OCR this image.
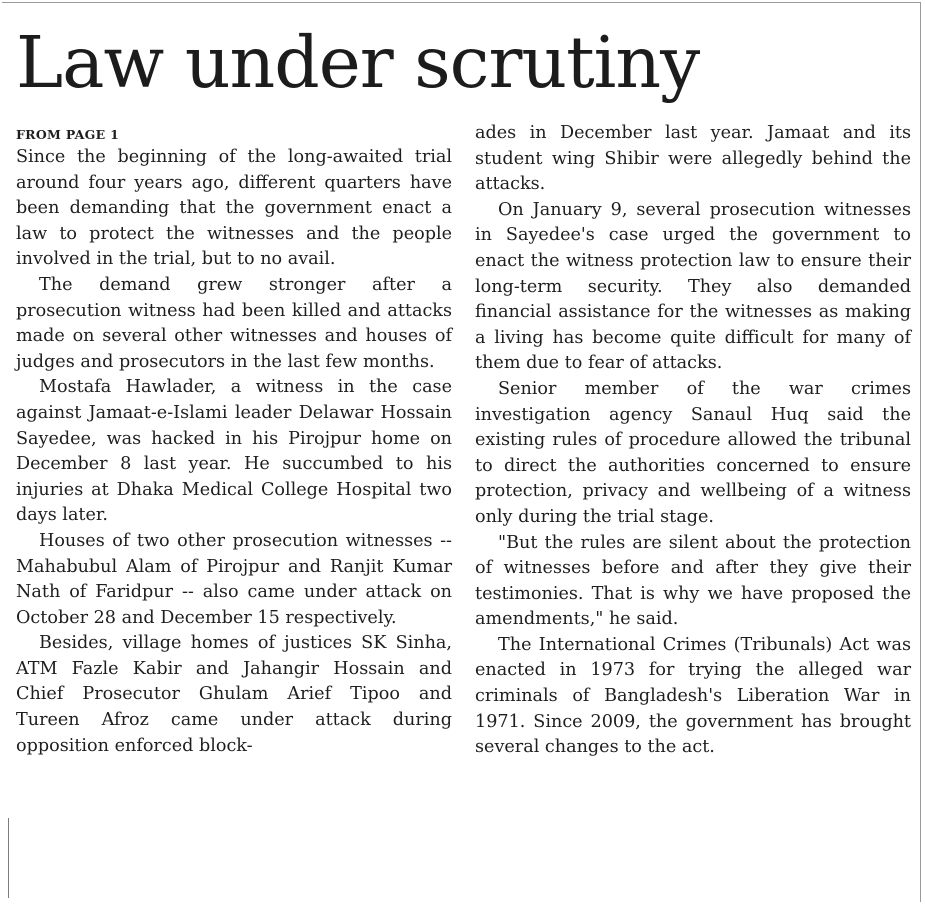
Law under scrutiny
FROM PAGE 1

Since the beginning of the long-awaited trial around four years ago, different quarters have been demanding that the government enact a law to protect the witnesses and the people involved in the trial, but to no avail.

The demand grew stronger after a prosecution witness had been killed and attacks made on several other witnesses and houses of judges and prosecutors in the last few months.

Mostafa Hawlader, a witness in the case against Jamaat-e-Islami leader Delawar Hossain Sayedee, was hacked in his Pirojpur home on December 8 last year. He succumbed to his injuries at Dhaka Medical College Hospital two days later.

Houses of two other prosecution witnesses -- Mahabubul Alam of Pirojpur and Ranjit Kumar Nath of Faridpur -- also came under attack on October 28 and December 15 respectively.

Besides, village homes of justices SK Sinha, ATM Fazle Kabir and Jahangir Hossain and Chief Prosecutor Ghulam Arief Tipoo and Tureen Afroz came under attack during opposition enforced block-

ades in December last year. Jamaat and its student wing Shibir were allegedly behind the attacks.

On January 9, several prosecution witnesses in Sayedee's case urged the government to enact the witness protection law to ensure their long-term security. They also demanded financial assistance for the witnesses as making a living has become quite difficult for many of them due to fear of attacks.

Senior member of the war crimes investigation agency Sanaul Huq said the existing rules of procedure allowed the tribunal to direct the authorities concerned to ensure protection, privacy and wellbeing of a witness only during the trial stage.

"But the rules are silent about the protection of witnesses before and after they give their testimonies. That is why we have proposed the amendments," he said.

The International Crimes (Tribunals) Act was enacted in 1973 for trying the alleged war criminals of Bangladesh's Liberation War in 1971. Since 2009, the government has brought several changes to the act.
